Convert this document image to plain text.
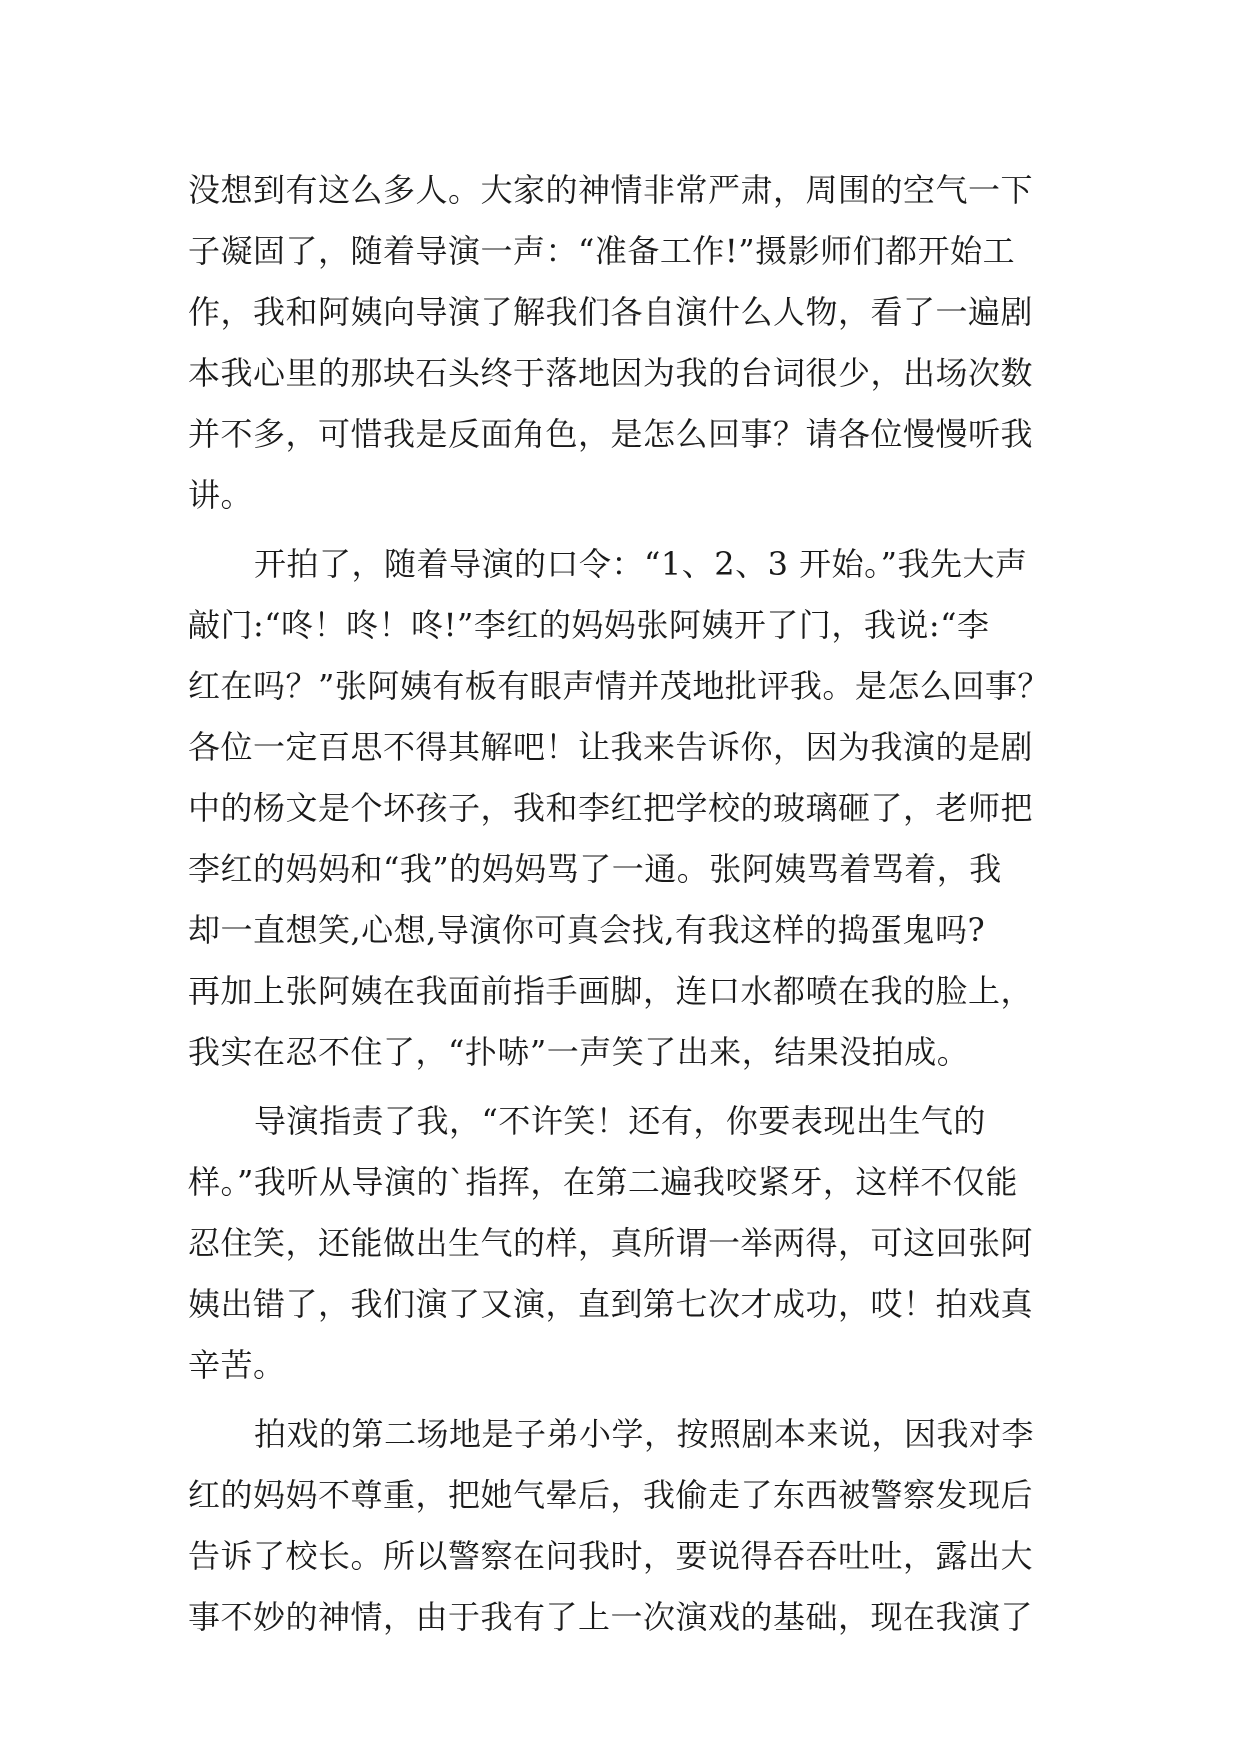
没想到有这么多人。大家的神情非常严肃，周围的空气一下
子凝固了，随着导演一声：“准备工作!”摄影师们都开始工
作，我和阿姨向导演了解我们各自演什么人物，看了一遍剧
本我心里的那块石头终于落地因为我的台词很少，出场次数
并不多，可惜我是反面角色，是怎么回事？请各位慢慢听我
讲。
开拍了，随着导演的口令：“1、2、3 开始。”我先大声
敲门:“咚！咚！咚!”李红的妈妈张阿姨开了门，我说:“李
红在吗？”张阿姨有板有眼声情并茂地批评我。是怎么回事？
各位一定百思不得其解吧！让我来告诉你，因为我演的是剧
中的杨文是个坏孩子，我和李红把学校的玻璃砸了，老师把
李红的妈妈和“我”的妈妈骂了一通。张阿姨骂着骂着，我
却一直想笑,心想,导演你可真会找,有我这样的捣蛋鬼吗?
再加上张阿姨在我面前指手画脚，连口水都喷在我的脸上，
我实在忍不住了，“扑哧”一声笑了出来，结果没拍成。
导演指责了我，“不许笑！还有，你要表现出生气的
样。”我听从导演的`指挥，在第二遍我咬紧牙，这样不仅能
忍住笑，还能做出生气的样，真所谓一举两得，可这回张阿
姨出错了，我们演了又演，直到第七次才成功，哎！拍戏真
辛苦。
拍戏的第二场地是子弟小学，按照剧本来说，因我对李
红的妈妈不尊重，把她气晕后，我偷走了东西被警察发现后
告诉了校长。所以警察在问我时，要说得吞吞吐吐，露出大
事不妙的神情，由于我有了上一次演戏的基础，现在我演了
